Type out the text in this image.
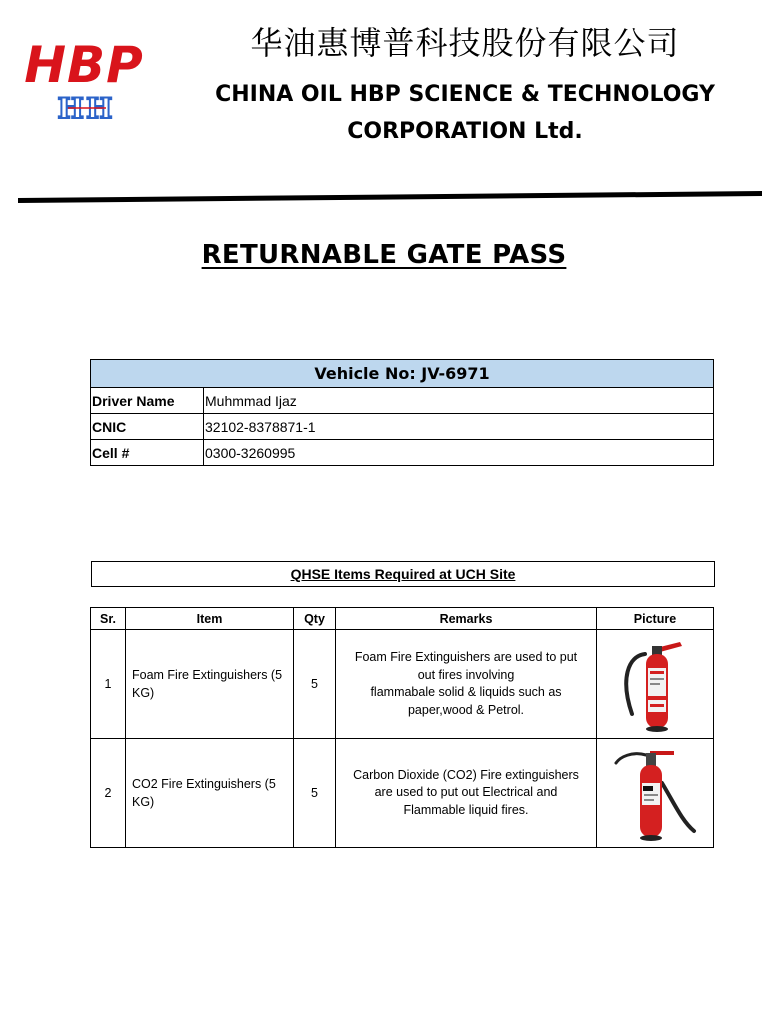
HBP
HH
华油惠博普科技股份有限公司
CHINA OIL HBP SCIENCE & TECHNOLOGY
CORPORATION Ltd.
RETURNABLE GATE PASS
Vehicle No: JV-6971	
Driver Name	Muhmmad Ijaz
CNIC	32102-8378871-1
Cell #	0300-3260995
QHSE Items Required at UCH Site
Sr.	Item	Qty	Remarks	Picture
1	Foam Fire Extinguishers (5 KG)	5	Foam Fire Extinguishers are used to put
out fires involving
flammabale solid & liquids such as
paper,wood & Petrol.

2	CO2 Fire Extinguishers (5 KG)	5	Carbon Dioxide (CO2) Fire extinguishers
are used to put out Electrical and
Flammable liquid fires.
